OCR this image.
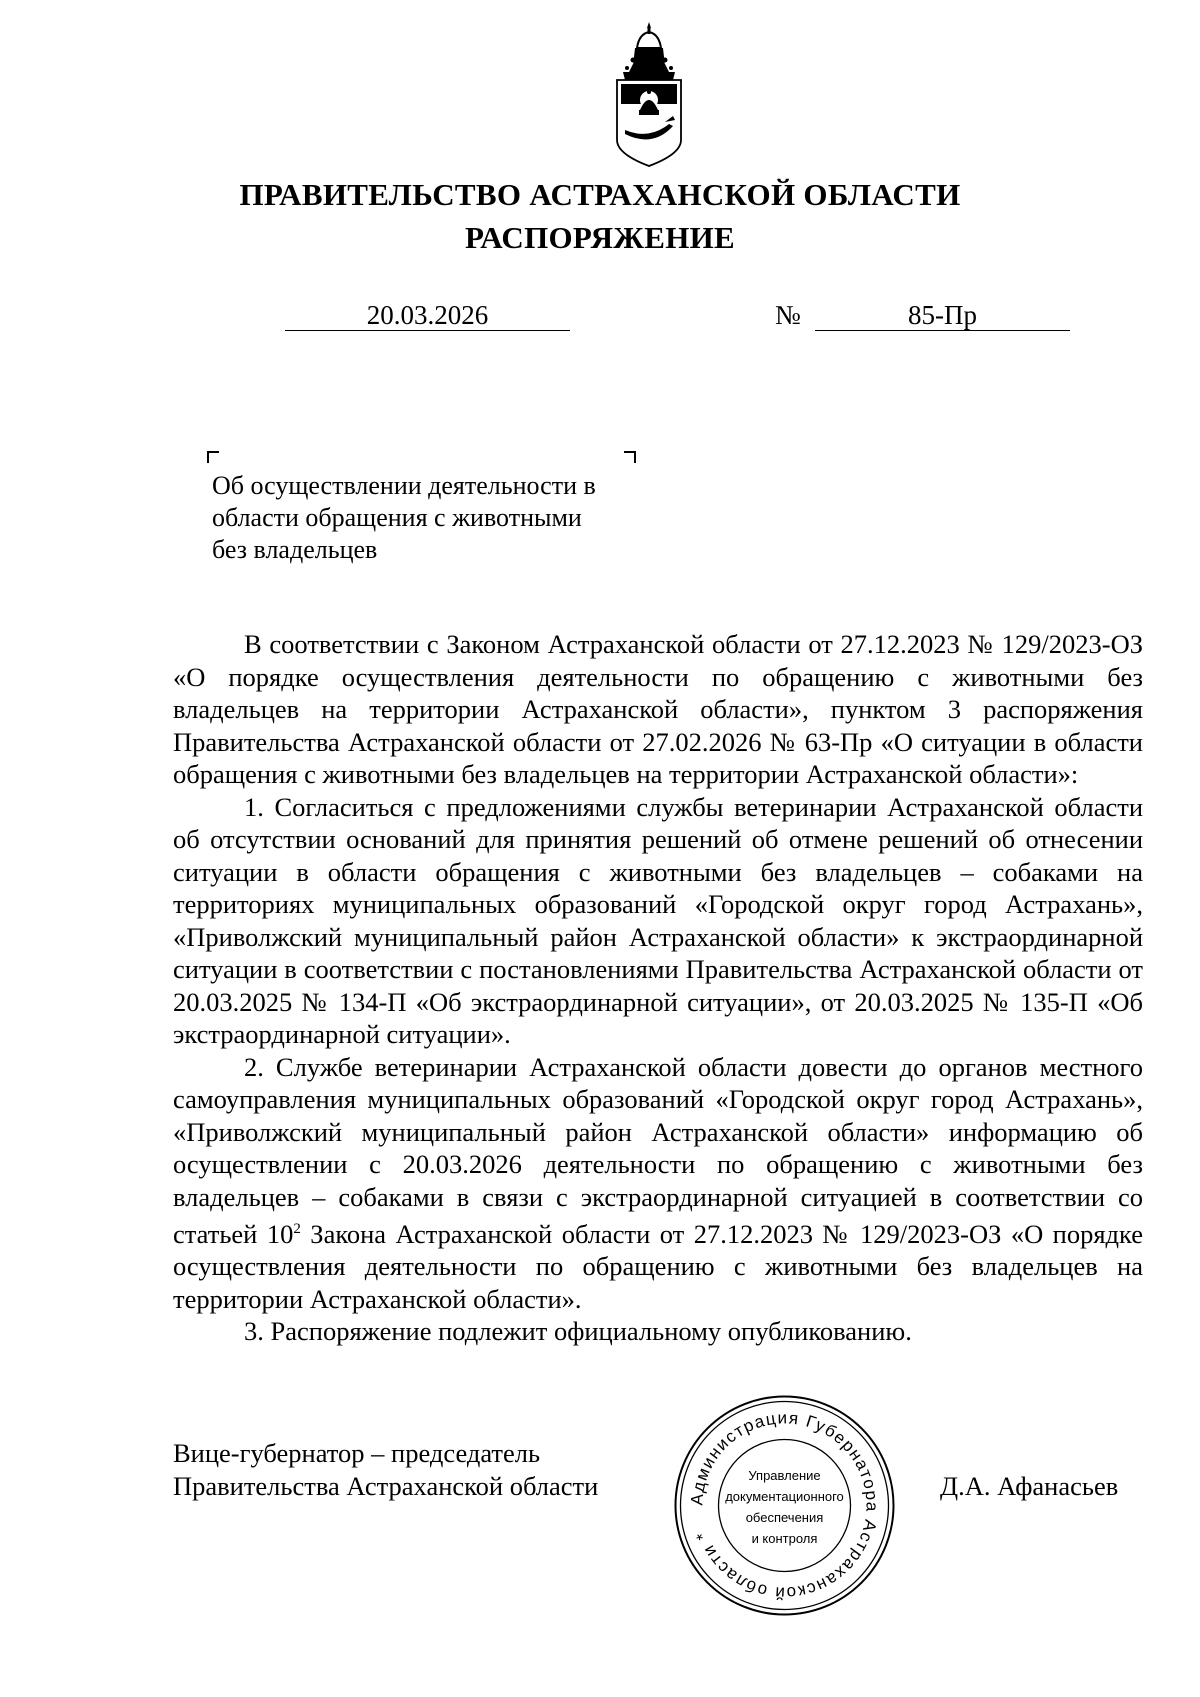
ПРАВИТЕЛЬСТВО АСТРАХАНСКОЙ ОБЛАСТИ
РАСПОРЯЖЕНИЕ
20.03.2026	№	85-Пр
Об осуществлении деятельности в
области обращения с животными
без владельцев

В соответствии с Законом Астраханской области от 27.12.2023 № 129/2023-ОЗ «О порядке осуществления деятельности по обращению с животными без владельцев на территории Астраханской области», пунктом 3 распоряжения Правительства Астраханской области от 27.02.2026 № 63-Пр «О ситуации в области обращения с животными без владельцев на территории Астраханской области»:

1. Согласиться с предложениями службы ветеринарии Астраханской области об отсутствии оснований для принятия решений об отмене решений об отнесении ситуации в области обращения с животными без владельцев – собаками на территориях муниципальных образований «Городской округ город Астрахань», «Приволжский муниципальный район Астраханской области» к экстраординарной ситуации в соответствии с постановлениями Правительства Астраханской области от 20.03.2025 № 134-П «Об экстраординарной ситуации», от 20.03.2025 № 135-П «Об экстраординарной ситуации».

2. Службе ветеринарии Астраханской области довести до органов местного самоуправления муниципальных образований «Городской округ город Астрахань», «Приволжский муниципальный район Астраханской области» информацию об осуществлении с 20.03.2026 деятельности по обращению с животными без владельцев – собаками в связи с экстраординарной ситуацией в соответствии со статьей $10^2$ Закона Астраханской области от 27.12.2023 № 129/2023-ОЗ «О порядке осуществления деятельности по обращению с животными без владельцев на территории Астраханской области».

3. Распоряжение подлежит официальному опубликованию.

Вице-губернатор – председатель
Правительства Астраханской области	Д.А. Афанасьев
Администрация Губернатора Астраханской области *
Управление
документационного
обеспечения
и контроля
